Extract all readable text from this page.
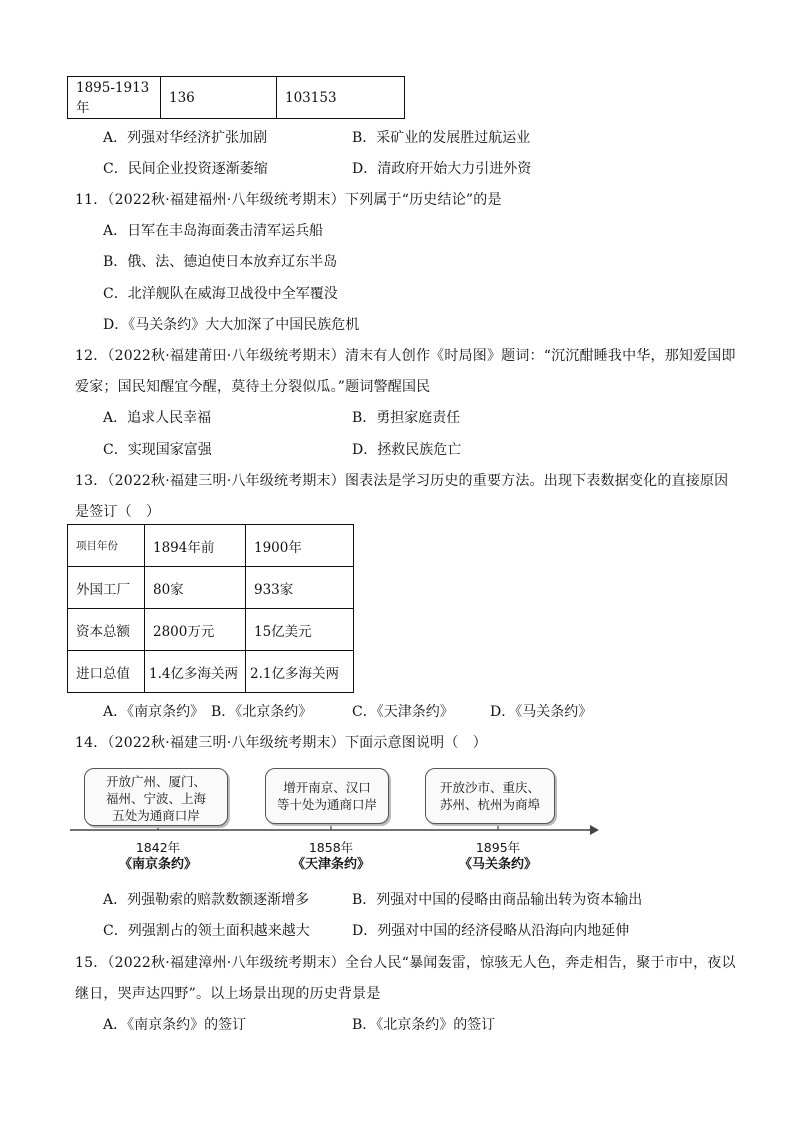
1895-1913年	136	103153
A．列强对华经济扩张加剧	B．采矿业的发展胜过航运业
C．民间企业投资逐渐萎缩	D．清政府开始大力引进外资
11．（2022秋·福建福州·八年级统考期末）下列属于“历史结论”的是
A．日军在丰岛海面袭击清军运兵船
B．俄、法、德迫使日本放弃辽东半岛
C．北洋舰队在威海卫战役中全军覆没
D．《马关条约》大大加深了中国民族危机
12．（2022秋·福建莆田·八年级统考期末）清末有人创作《时局图》题词：“沉沉酣睡我中华，那知爱国即
爱家；国民知醒宜今醒，莫待土分裂似瓜。”题词警醒国民
A．追求人民幸福	B．勇担家庭责任
C．实现国家富强	D．拯救民族危亡
13．（2022秋·福建三明·八年级统考期末）图表法是学习历史的重要方法。出现下表数据变化的直接原因
是签订（　）
项目年份	1894年前	1900年
外国工厂	80家	933家
资本总额	2800万元	15亿美元
进口总值	1.4亿多海关两	2.1亿多海关两
A．《南京条约》 B．《北京条约》	C．《天津条约》	D．《马关条约》
14．（2022秋·福建三明·八年级统考期末）下面示意图说明（　）
开放广州、厦门、
福州、宁波、上海
五处为通商口岸
增开南京、汉口
等十处为通商口岸
开放沙市、重庆、
苏州、杭州为商埠
1842年	1858年	1895年
《南京条约》	《天津条约》	《马关条约》
A．列强勒索的赔款数额逐渐增多	B．列强对中国的侵略由商品输出转为资本输出
C．列强割占的领土面积越来越大	D．列强对中国的经济侵略从沿海向内地延伸
15．（2022秋·福建漳州·八年级统考期末）全台人民“暴闻轰雷，惊骇无人色，奔走相告，聚于市中，夜以
继日，哭声达四野”。以上场景出现的历史背景是
A．《南京条约》的签订	B．《北京条约》的签订
